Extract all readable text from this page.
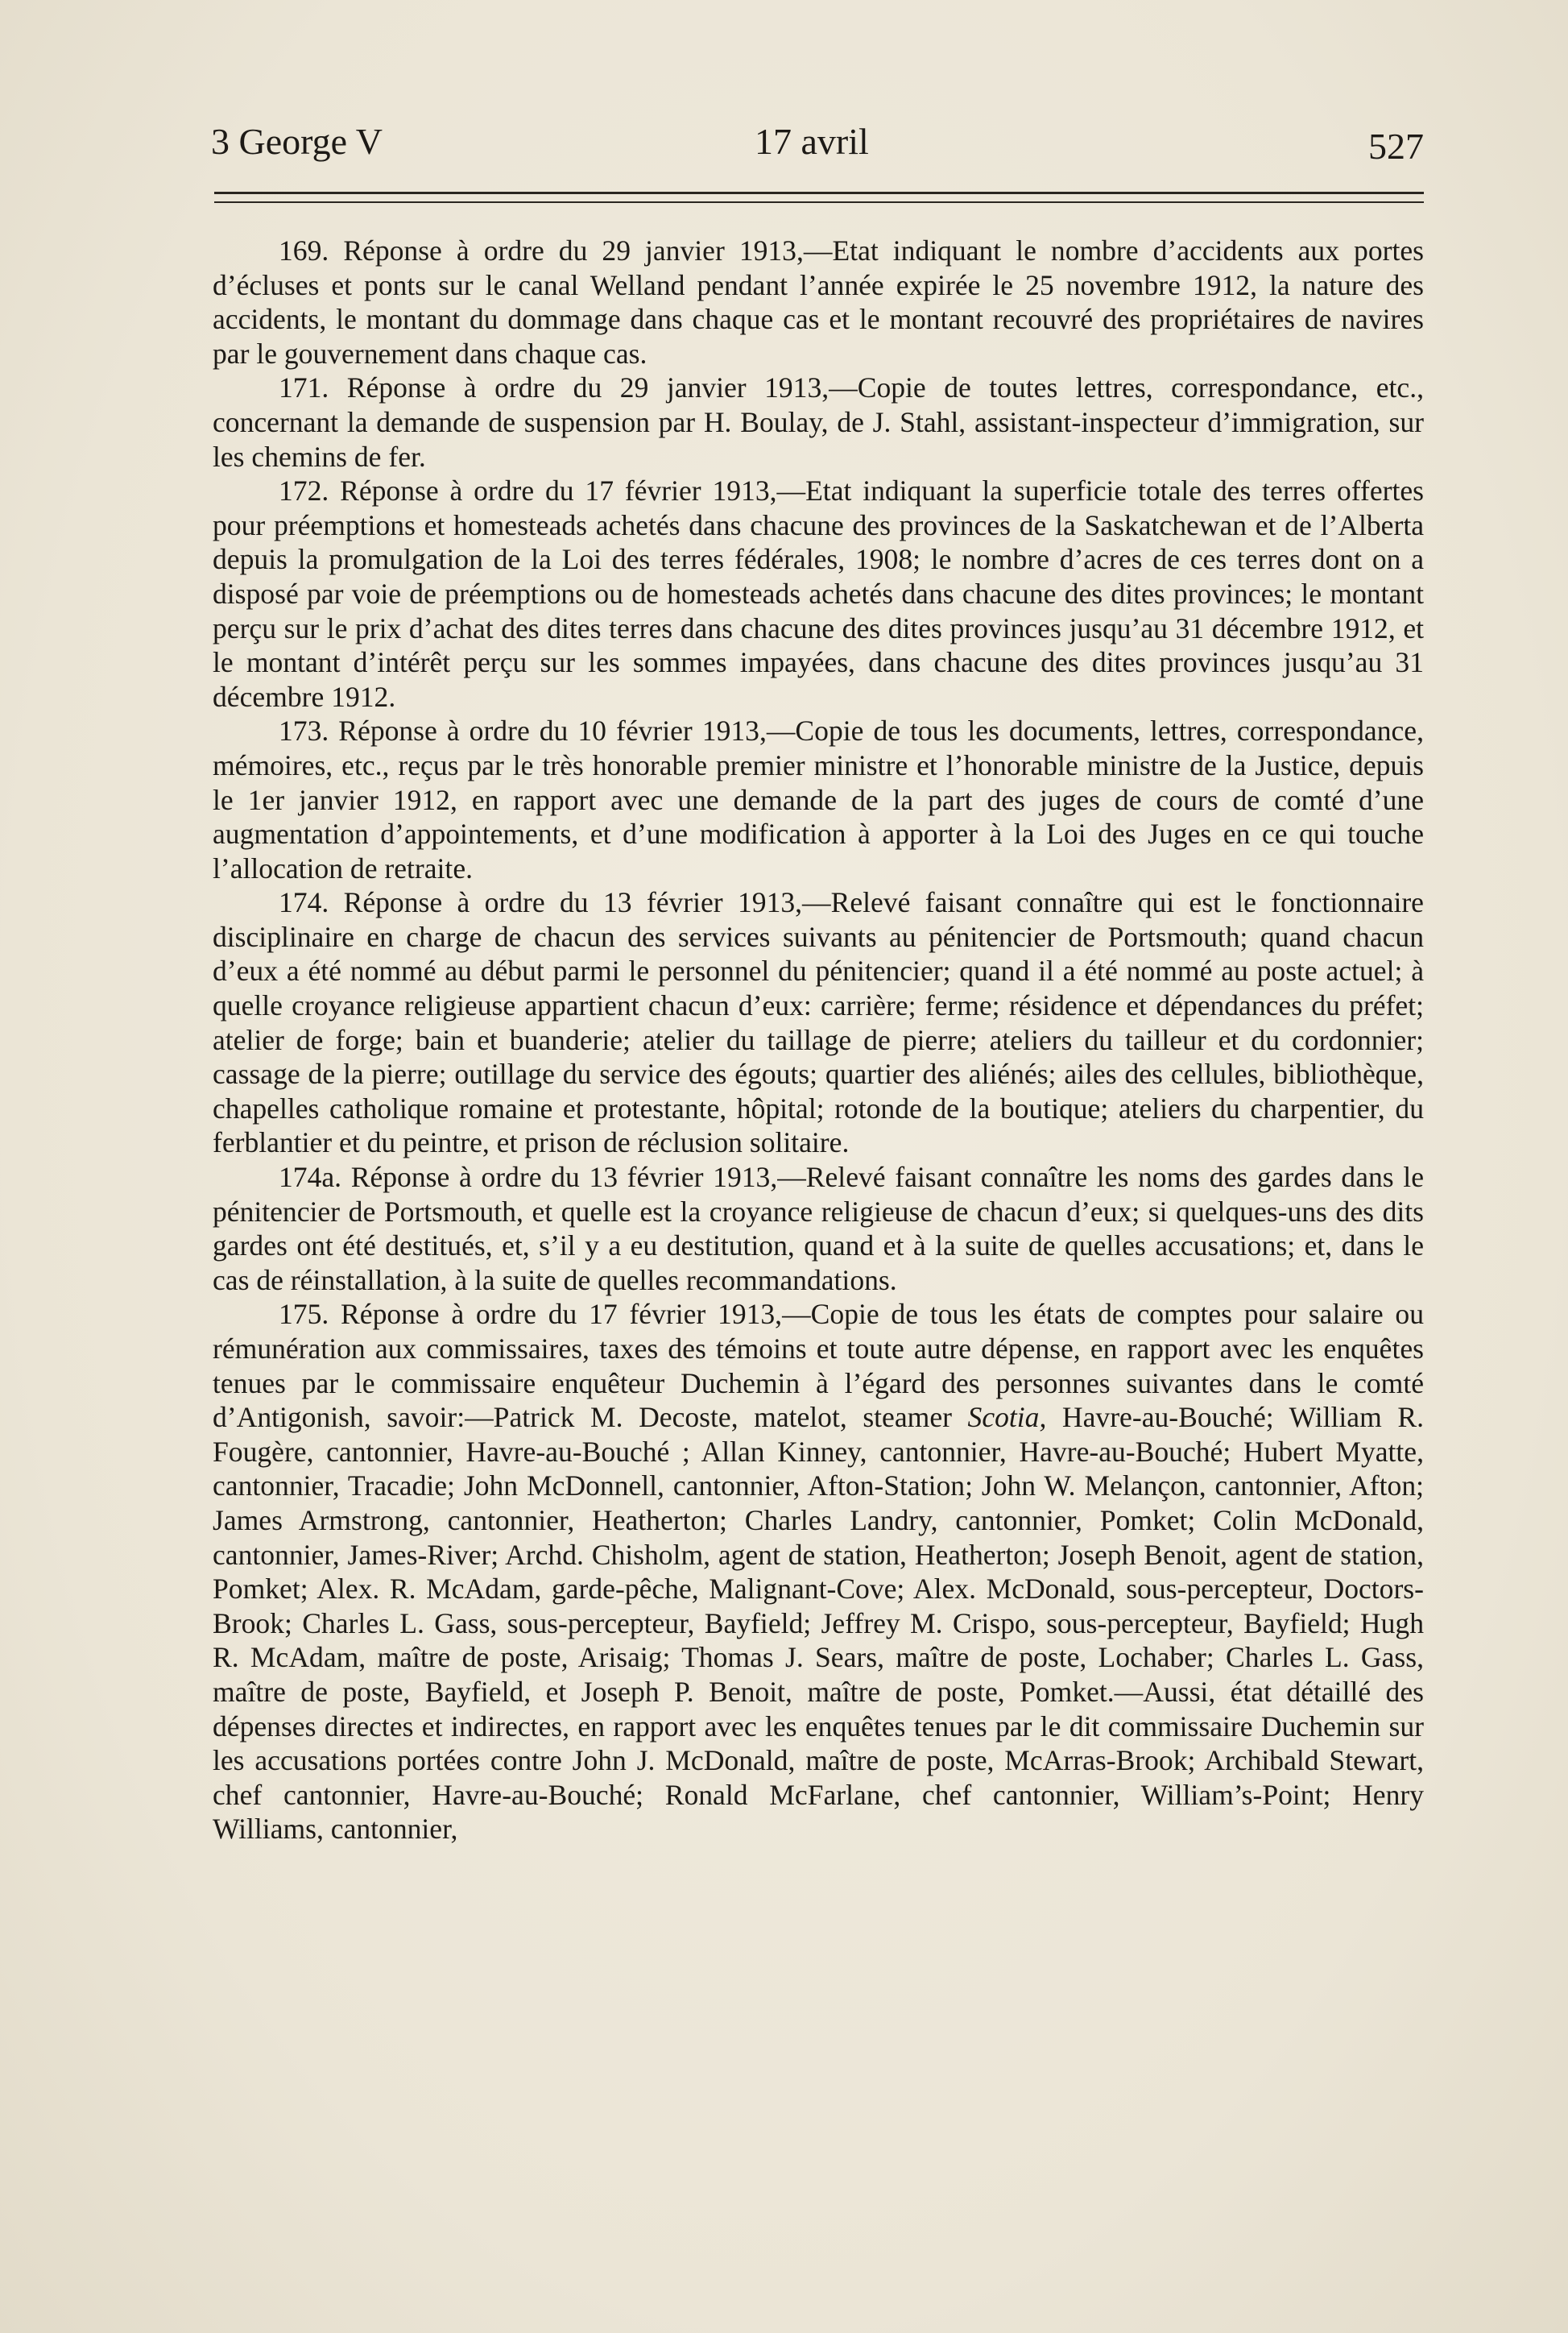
3 George V	17 avril	527

169. Réponse à ordre du 29 janvier 1913,—Etat indiquant le nombre d’accidents aux portes d’écluses et ponts sur le canal Welland pendant l’année expirée le 25 novembre 1912, la nature des accidents, le montant du dommage dans chaque cas et le montant recouvré des propriétaires de navires par le gouvernement dans chaque cas.

171. Réponse à ordre du 29 janvier 1913,—Copie de toutes lettres, correspondance, etc., concernant la demande de suspension par H. Boulay, de J. Stahl, assistant-inspecteur d’immigration, sur les chemins de fer.

172. Réponse à ordre du 17 février 1913,—Etat indiquant la superficie totale des terres offertes pour préemptions et homesteads achetés dans chacune des provinces de la Saskatchewan et de l’Alberta depuis la promulgation de la Loi des terres fédérales, 1908; le nombre d’acres de ces terres dont on a disposé par voie de préemptions ou de homesteads achetés dans chacune des dites provinces; le montant perçu sur le prix d’achat des dites terres dans chacune des dites provinces jusqu’au 31 décembre 1912, et le montant d’intérêt perçu sur les sommes impayées, dans chacune des dites provinces jusqu’au 31 décembre 1912.

173. Réponse à ordre du 10 février 1913,—Copie de tous les documents, lettres, correspondance, mémoires, etc., reçus par le très honorable premier ministre et l’honorable ministre de la Justice, depuis le 1er janvier 1912, en rapport avec une demande de la part des juges de cours de comté d’une augmentation d’appointements, et d’une modification à apporter à la Loi des Juges en ce qui touche l’allocation de retraite.

174. Réponse à ordre du 13 février 1913,—Relevé faisant connaître qui est le fonctionnaire disciplinaire en charge de chacun des services suivants au pénitencier de Portsmouth; quand chacun d’eux a été nommé au début parmi le personnel du pénitencier; quand il a été nommé au poste actuel; à quelle croyance religieuse appartient chacun d’eux: carrière; ferme; résidence et dépendances du préfet; atelier de forge; bain et buanderie; atelier du taillage de pierre; ateliers du tailleur et du cordonnier; cassage de la pierre; outillage du service des égouts; quartier des aliénés; ailes des cellules, bibliothèque, chapelles catholique romaine et protestante, hôpital; rotonde de la boutique; ateliers du charpentier, du ferblantier et du peintre, et prison de réclusion solitaire.

174a. Réponse à ordre du 13 février 1913,—Relevé faisant connaître les noms des gardes dans le pénitencier de Portsmouth, et quelle est la croyance religieuse de chacun d’eux; si quelques-uns des dits gardes ont été destitués, et, s’il y a eu destitution, quand et à la suite de quelles accusations; et, dans le cas de réinstallation, à la suite de quelles recommandations.

175. Réponse à ordre du 17 février 1913,—Copie de tous les états de comptes pour salaire ou rémunération aux commissaires, taxes des témoins et toute autre dépense, en rapport avec les enquêtes tenues par le commissaire enquêteur Duchemin à l’égard des personnes suivantes dans le comté d’Antigonish, savoir:—Patrick M. Decoste, matelot, steamer Scotia, Havre-au-Bouché; William R. Fougère, cantonnier, Havre-au-Bouché ; Allan Kinney, cantonnier, Havre-au-Bouché; Hubert Myatte, cantonnier, Tracadie; John McDonnell, cantonnier, Afton-Station; John W. Melançon, cantonnier, Afton; James Armstrong, cantonnier, Heatherton; Charles Landry, cantonnier, Pomket; Colin McDonald, cantonnier, James-River; Archd. Chisholm, agent de station, Heatherton; Joseph Benoit, agent de station, Pomket; Alex. R. McAdam, garde-pêche, Malignant-Cove; Alex. McDonald, sous-percepteur, Doctors-Brook; Charles L. Gass, sous-percepteur, Bayfield; Jeffrey M. Crispo, sous-percepteur, Bayfield; Hugh R. McAdam, maître de poste, Arisaig; Thomas J. Sears, maître de poste, Lochaber; Charles L. Gass, maître de poste, Bayfield, et Joseph P. Benoit, maître de poste, Pomket.—Aussi, état détaillé des dépenses directes et indirectes, en rapport avec les enquêtes tenues par le dit commissaire Duchemin sur les accusations portées contre John J. McDonald, maître de poste, McArras-Brook; Archibald Stewart, chef cantonnier, Havre-au-Bouché; Ronald McFarlane, chef cantonnier, William’s-Point; Henry Williams, cantonnier,
